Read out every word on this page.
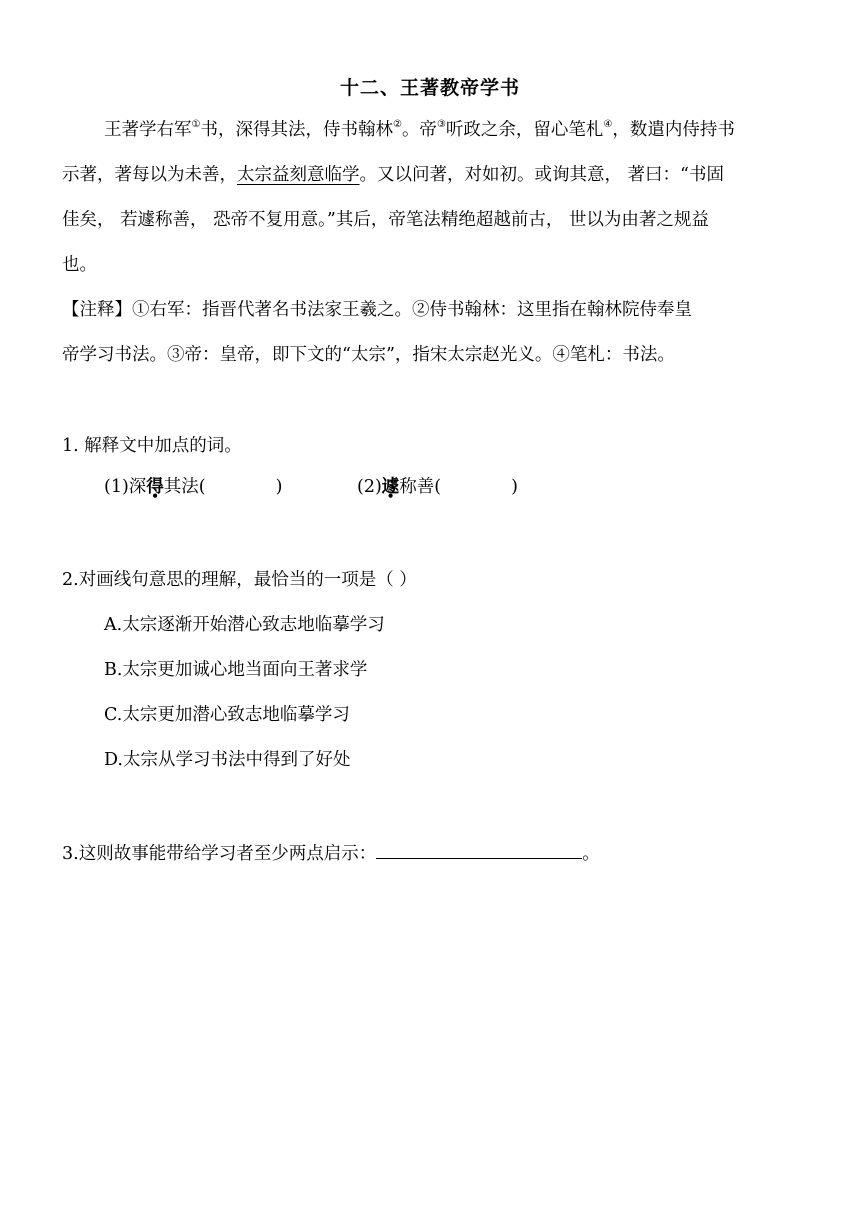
十二、王著教帝学书
王著学右军①书，深得其法，侍书翰林②。帝③听政之余，留心笔札④，数遣内侍持书
示著，著每以为未善，太宗益刻意临学。又以问著，对如初。或询其意， 著曰：“书固
佳矣， 若遽称善， 恐帝不复用意。”其后，帝笔法精绝超越前古， 世以为由著之规益
也。
【注释】①右军：指晋代著名书法家王羲之。②侍书翰林：这里指在翰林院侍奉皇
帝学习书法。③帝：皇帝，即下文的“太宗”，指宋太宗赵光义。④笔札：书法。
1. 解释文中加点的词。
(1)深得其法(	)	(2)遽称善(	)
2.对画线句意思的理解，最恰当的一项是（ ）
A.太宗逐渐开始潜心致志地临摹学习
B.太宗更加诚心地当面向王著求学
C.太宗更加潜心致志地临摹学习
D.太宗从学习书法中得到了好处
3.这则故事能带给学习者至少两点启示：	。
